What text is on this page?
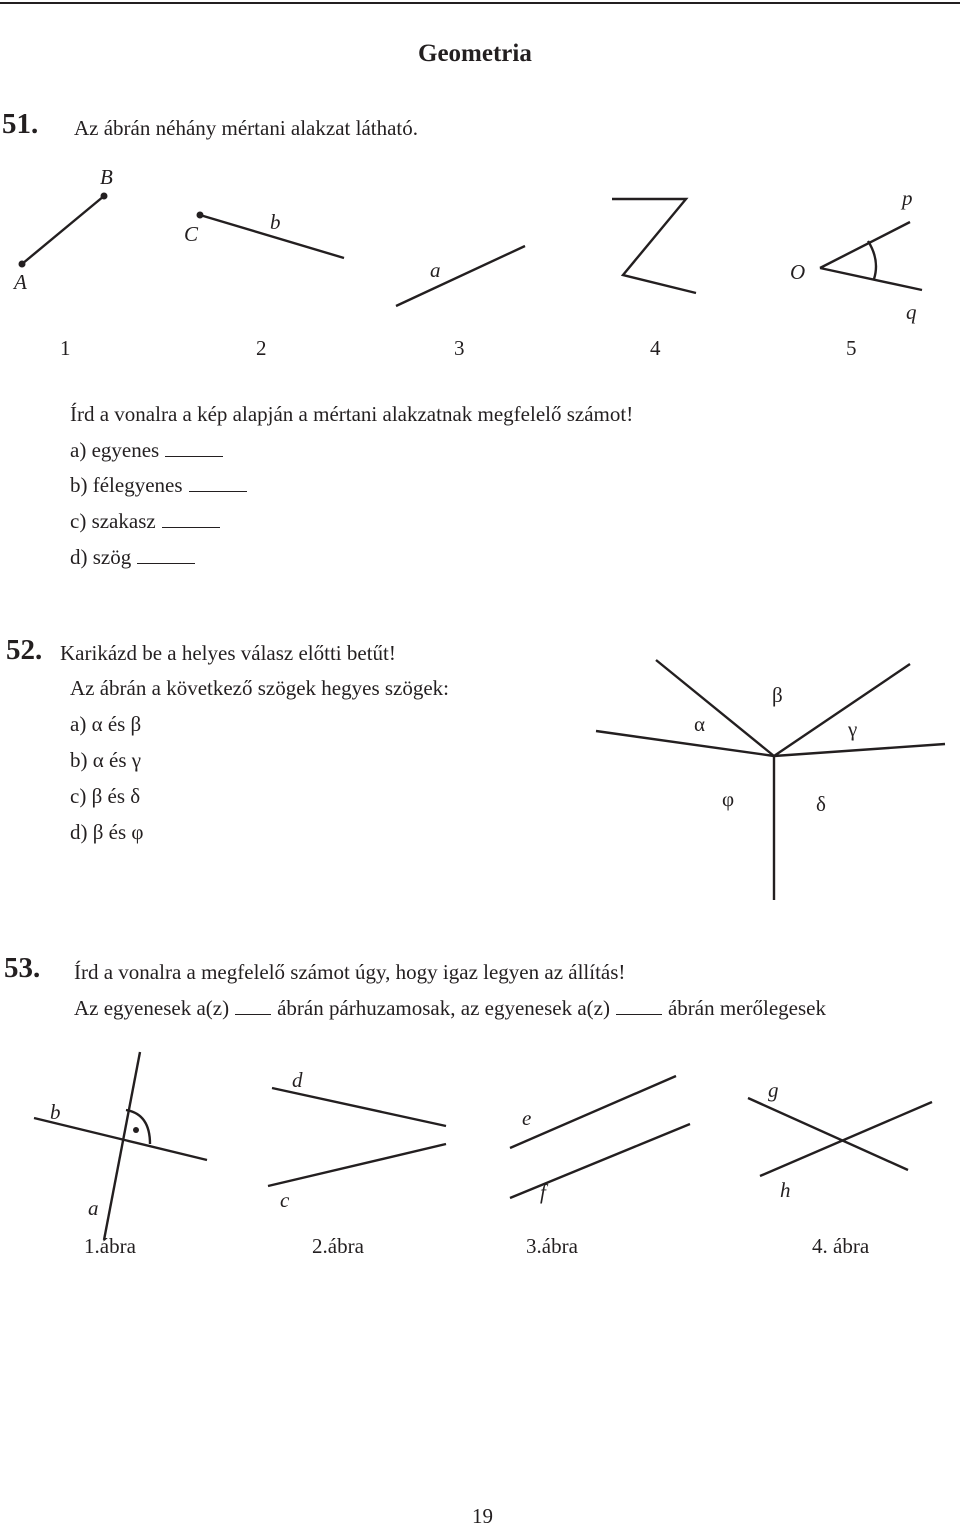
Geometria
51. Az ábrán néhány mértani alakzat látható.
B
A
C	b
a	O
p
q
1	2	3	4	5
Írd a vonalra a kép alapján a mértani alakzatnak megfelelő számot!
a) egyenes
b) félegyenes
c) szakasz
d) szög
52. Karikázd be a helyes válasz előtti betűt!
Az ábrán a következő szögek hegyes szögek:
a) α és β
b) α és γ
c) β és δ
d) β és φ
α
β
γ
φ	δ
53. Írd a vonalra a megfelelő számot úgy, hogy igaz legyen az állítás!
Az egyenesek a(z) ábrán párhuzamosak, az egyenesek a(z)	ábrán merőlegesek
b
a
d
c
e
f
g
h
1.ábra	2.ábra	3.ábra	4. ábra
19
